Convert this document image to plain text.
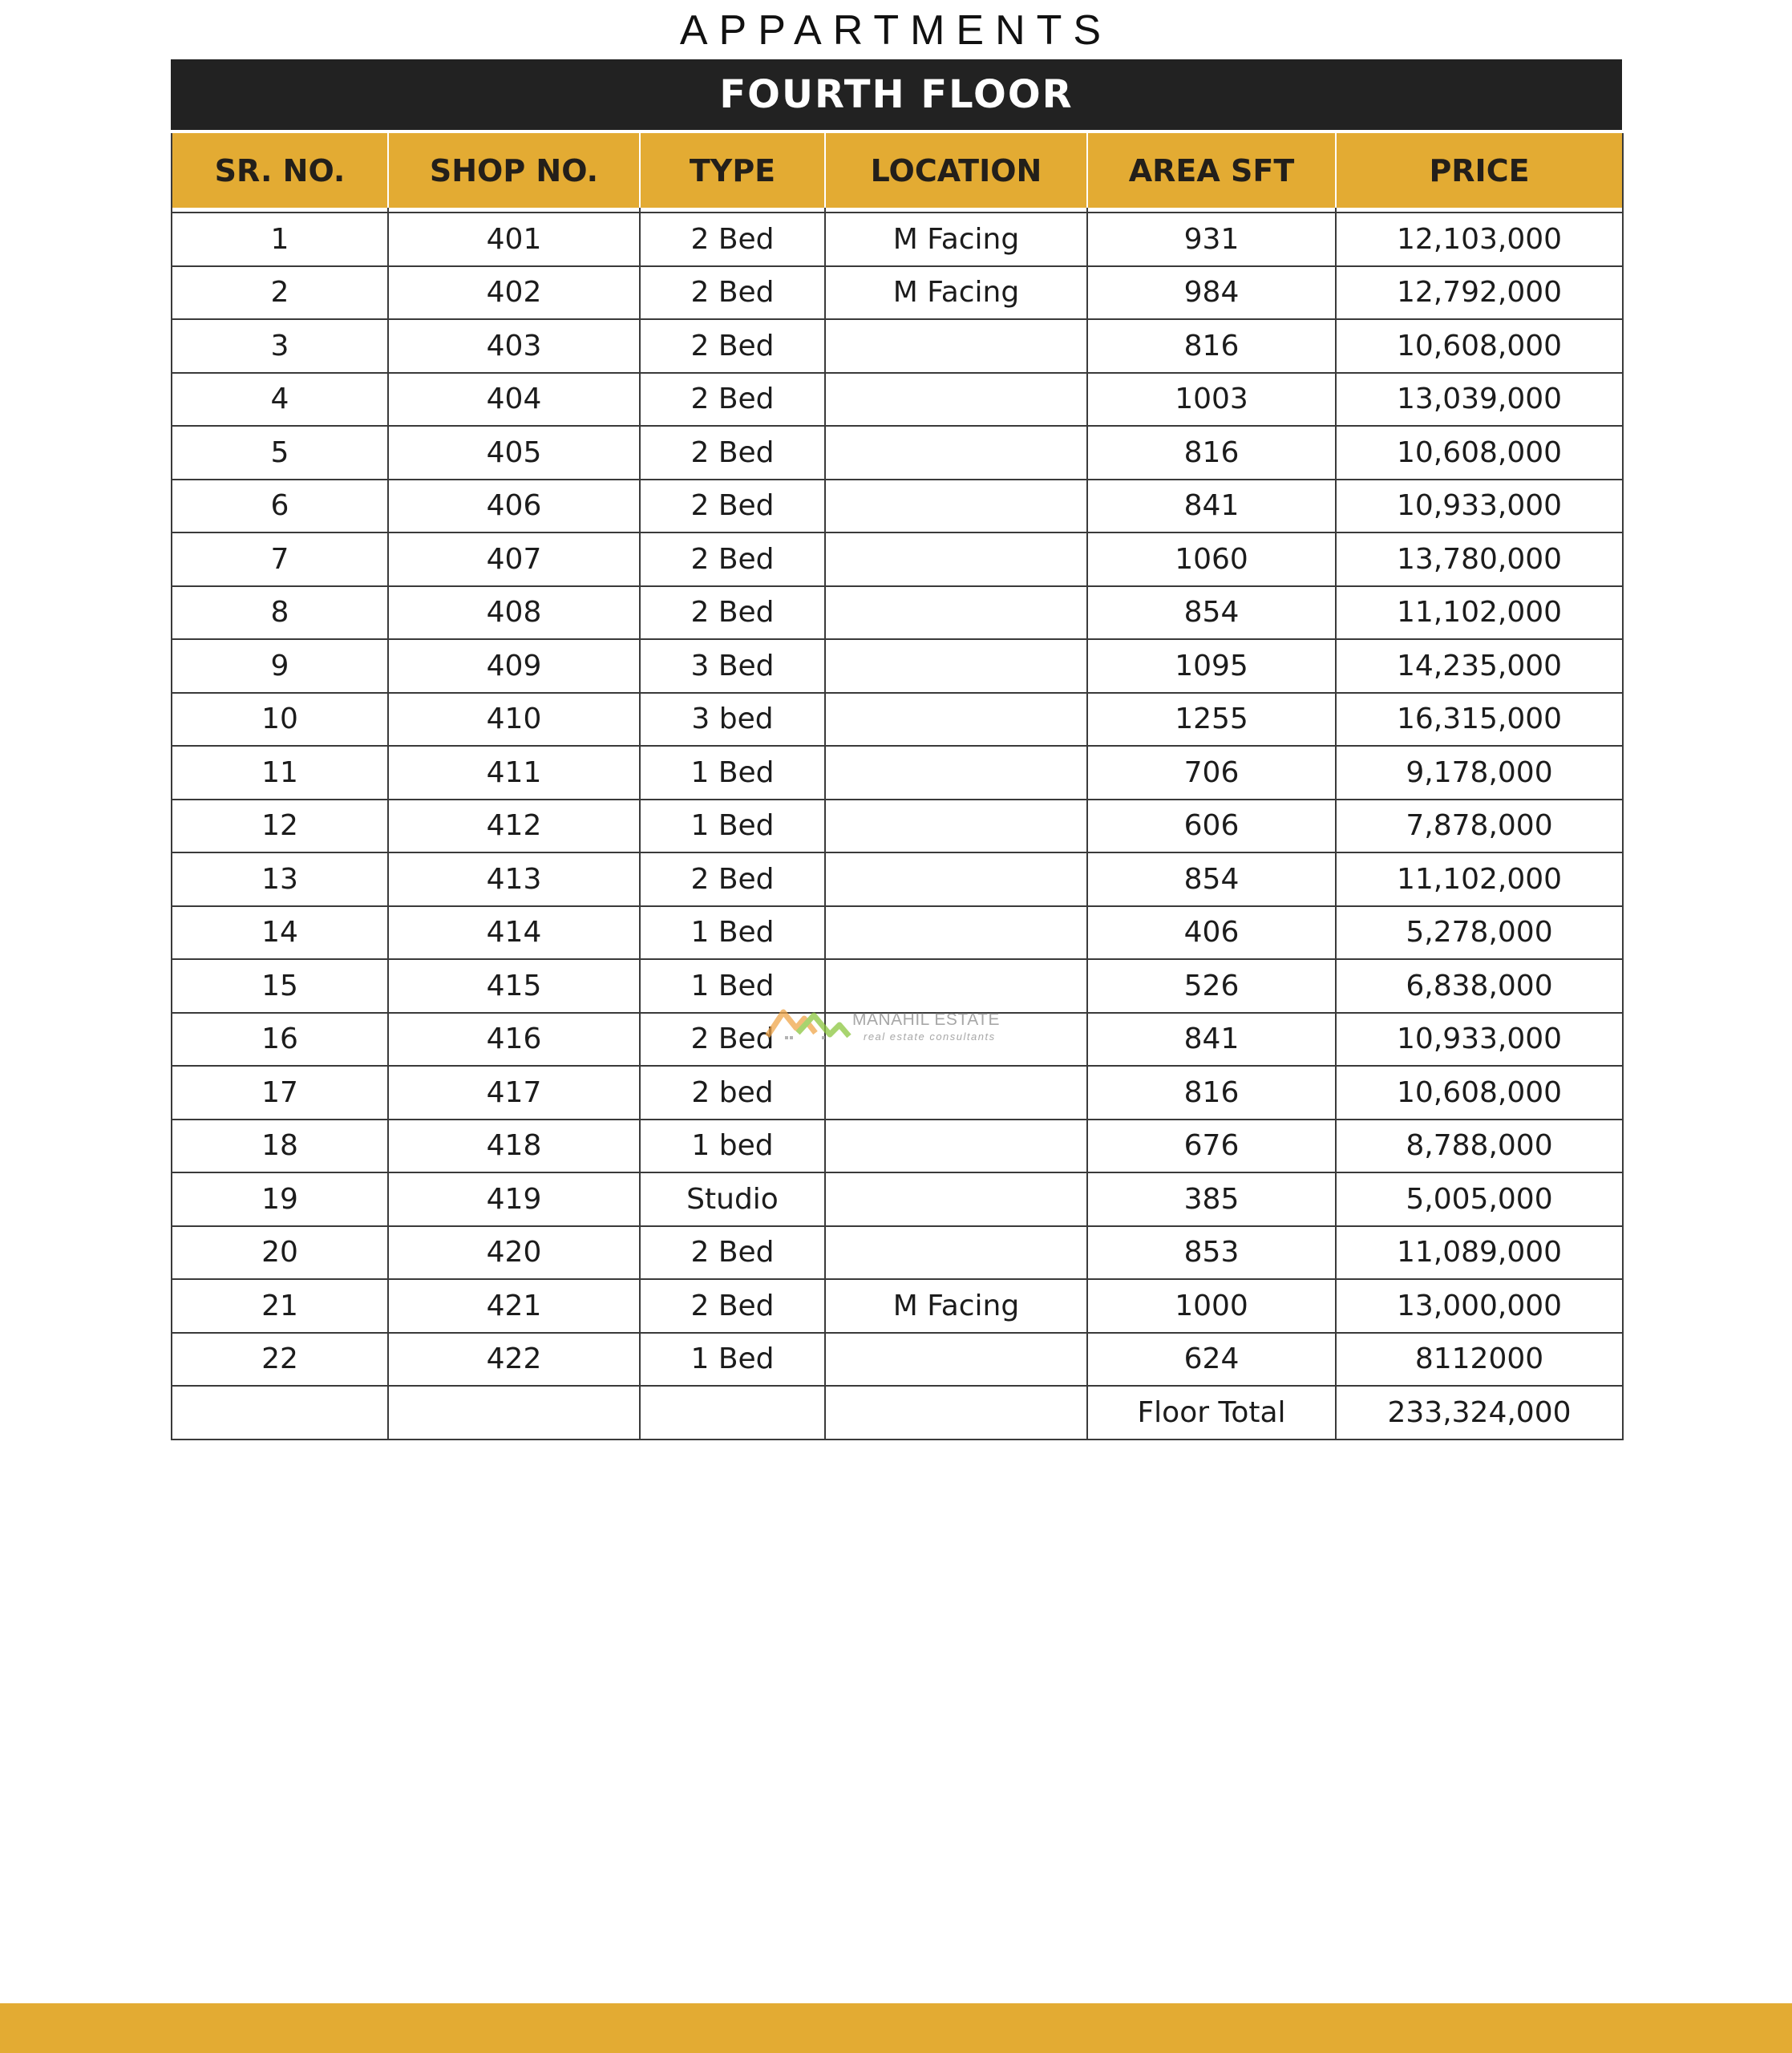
APPARTMENTS
FOURTH FLOOR
SR. NO.	SHOP NO.	TYPE	LOCATION	AREA SFT	PRICE

1	401	2 Bed	M Facing	931	12,103,000
2	402	2 Bed	M Facing	984	12,792,000
3	403	2 Bed		816	10,608,000
4	404	2 Bed		1003	13,039,000
5	405	2 Bed		816	10,608,000
6	406	2 Bed		841	10,933,000
7	407	2 Bed		1060	13,780,000
8	408	2 Bed		854	11,102,000
9	409	3 Bed		1095	14,235,000
10	410	3 bed		1255	16,315,000
11	411	1 Bed		706	9,178,000
12	412	1 Bed		606	7,878,000
13	413	2 Bed		854	11,102,000
14	414	1 Bed		406	5,278,000
15	415	1 Bed		526	6,838,000
16	416	2 Bed		841	10,933,000
17	417	2 bed		816	10,608,000
18	418	1 bed		676	8,788,000
19	419	Studio		385	5,005,000
20	420	2 Bed		853	11,089,000
21	421	2 Bed	M Facing	1000	13,000,000
22	422	1 Bed		624	8112000
				Floor Total	233,324,000
MANAHIL ESTATE
real estate consultants
